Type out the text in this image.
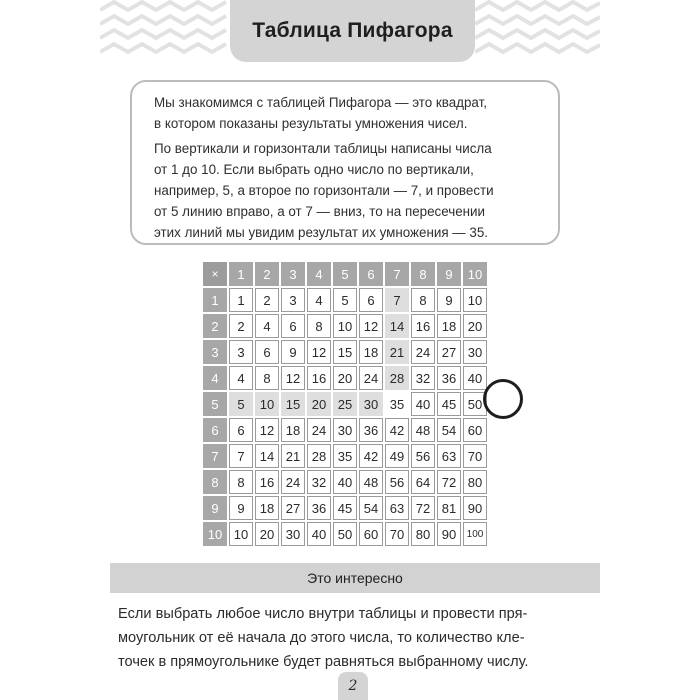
Таблица Пифагора

Мы знакомимся с таблицей Пифагора — это квадрат,
в котором показаны результаты умножения чисел.

По вертикали и горизонтали таблицы написаны числа
от 1 до 10. Если выбрать одно число по вертикали,
например, 5, а второе по горизонтали — 7, и провести
от 5 линию вправо, а от 7 — вниз, то на пересечении
этих линий мы увидим результат их умножения — 35.

×	1	2	3	4	5	6	7	8	9	10
1	1	2	3	4	5	6	7	8	9	10
2	2	4	6	8	10 12 14 16 18 20
3	3	6	9	12 15 18 21 24 27 30
4	4	8	12 16 20 24 28 32 36 40
5	5	10 15 20 25 30 35 40 45 50
6	6	12 18 24 30 36 42 48 54 60
7	7	14 21 28 35 42 49 56 63 70
8	8	16 24 32 40 48 56 64 72 80
9	9	18 27 36 45 54 63 72 81 90
10 10 20 30 40 50 60 70 80 90	100
Это интересно

Если выбрать любое число внутри таблицы и провести пря-
моугольник от её начала до этого числа, то количество кле-
точек в прямоугольнике будет равняться выбранному числу.

2
